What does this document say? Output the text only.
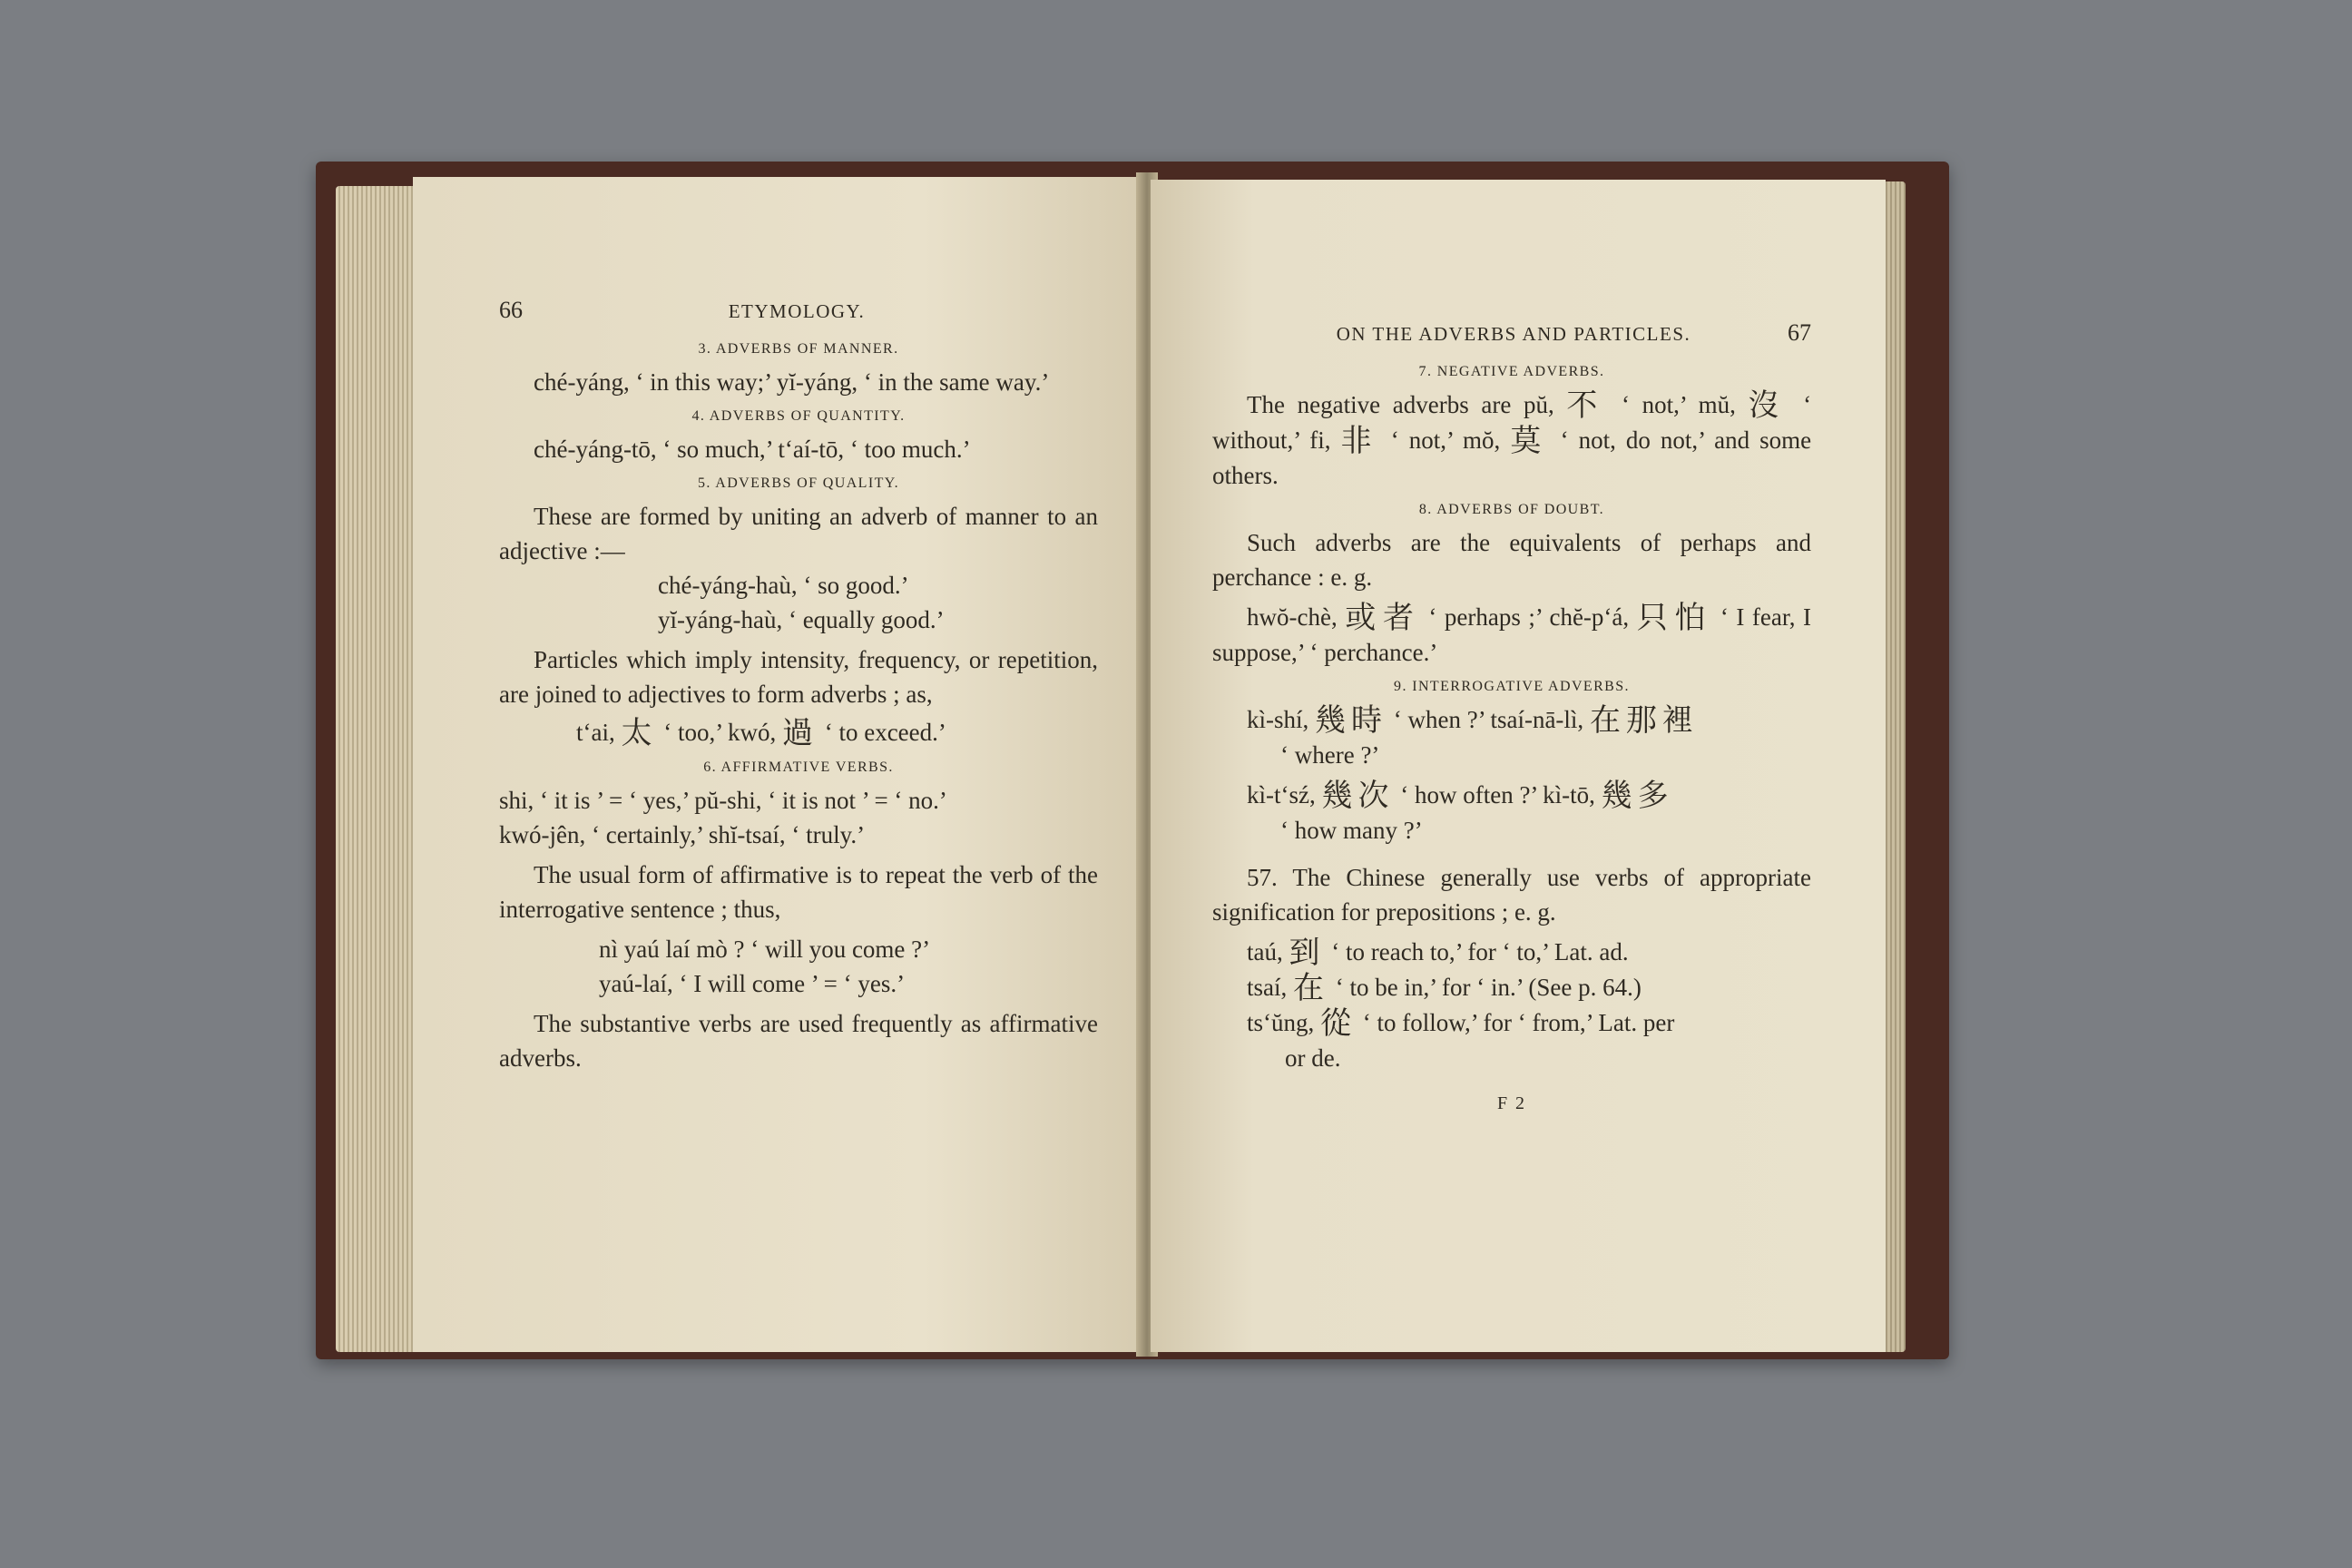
66	ETYMOLOGY.
3. ADVERBS OF MANNER.
ché-yáng, ‘ in this way;’ yĭ-yáng, ‘ in the same way.’
4. ADVERBS OF QUANTITY.
ché-yáng-tō, ‘ so much,’ t‘aí-tō, ‘ too much.’
5. ADVERBS OF QUALITY.

These are formed by uniting an adverb of manner to an adjective :—

ché-yáng-haù, ‘ so good.’
yĭ-yáng-haù, ‘ equally good.’

Particles which imply intensity, frequency, or repetition, are joined to adjectives to form adverbs ; as,

t‘ai, 太 ‘ too,’ kwó, 過 ‘ to exceed.’
6. AFFIRMATIVE VERBS.
shi, ‘ it is ’ = ‘ yes,’ pŭ-shi, ‘ it is not ’ = ‘ no.’
kwó-jên, ‘ certainly,’ shĭ-tsaí, ‘ truly.’

The usual form of affirmative is to repeat the verb of the interrogative sentence ; thus,

nì yaú laí mò ? ‘ will you come ?’
yaú-laí, ‘ I will come ’ = ‘ yes.’

The substantive verbs are used frequently as affirmative adverbs.

ON THE ADVERBS AND PARTICLES.	67
7. NEGATIVE ADVERBS.

The negative adverbs are pŭ, 不 ‘ not,’ mŭ, 沒 ‘ without,’ fi, 非 ‘ not,’ mŏ, 莫 ‘ not, do not,’ and some others.

8. ADVERBS OF DOUBT.

Such adverbs are the equivalents of perhaps and perchance : e. g.

hwŏ-chè, 或者 ‘ perhaps ;’ chĕ-p‘á, 只怕 ‘ I fear, I suppose,’ ‘ perchance.’

9. INTERROGATIVE ADVERBS.

kì-shí, 幾時 ‘ when ?’ tsaí-nā-lì, 在那裡

‘ where ?’

kì-t‘sź, 幾次 ‘ how often ?’ kì-tō, 幾多

‘ how many ?’

57. The Chinese generally use verbs of appropriate signification for prepositions ; e. g.

taú, 到 ‘ to reach to,’ for ‘ to,’ Lat. ad.
tsaí, 在 ‘ to be in,’ for ‘ in.’ (See p. 64.)
ts‘ŭng, 從 ‘ to follow,’ for ‘ from,’ Lat. per
or de.
F 2
